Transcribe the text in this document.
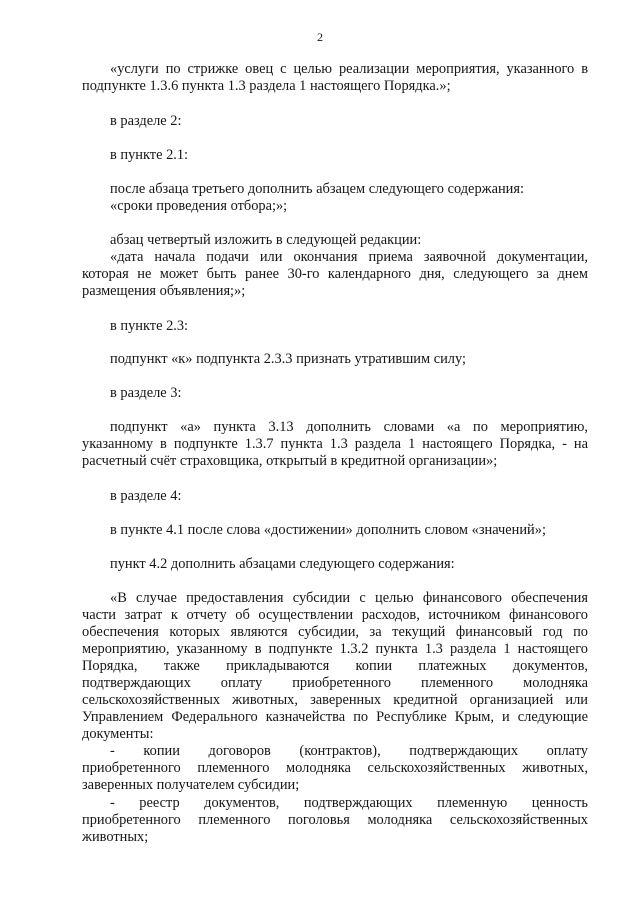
2
«услуги по стрижке овец с целью реализации мероприятия, указанного в
подпункте 1.3.6 пункта 1.3 раздела 1 настоящего Порядка.»;
в разделе 2:
в пункте 2.1:
после абзаца третьего дополнить абзацем следующего содержания:
«сроки проведения отбора;»;
абзац четвертый изложить в следующей редакции:
«дата начала подачи или окончания приема заявочной документации,
которая не может быть ранее 30-го календарного дня, следующего за днем
размещения объявления;»;
в пункте 2.3:
подпункт «к» подпункта 2.3.3 признать утратившим силу;
в разделе 3:
подпункт «а» пункта 3.13 дополнить словами «а по мероприятию,
указанному в подпункте 1.3.7 пункта 1.3 раздела 1 настоящего Порядка, - на
расчетный счёт страховщика, открытый в кредитной организации»;
в разделе 4:
в пункте 4.1 после слова «достижении» дополнить словом «значений»;
пункт 4.2 дополнить абзацами следующего содержания:
«В случае предоставления субсидии с целью финансового обеспечения
части затрат к отчету об осуществлении расходов, источником финансового
обеспечения которых являются субсидии, за текущий финансовый год по
мероприятию, указанному в подпункте 1.3.2 пункта 1.3 раздела 1 настоящего
Порядка, также прикладываются копии платежных документов,
подтверждающих оплату приобретенного племенного молодняка
сельскохозяйственных животных, заверенных кредитной организацией или
Управлением Федерального казначейства по Республике Крым, и следующие
документы:
- копии договоров (контрактов), подтверждающих оплату
приобретенного племенного молодняка сельскохозяйственных животных,
заверенных получателем субсидии;
- реестр документов, подтверждающих племенную ценность
приобретенного племенного поголовья молодняка сельскохозяйственных
животных;
